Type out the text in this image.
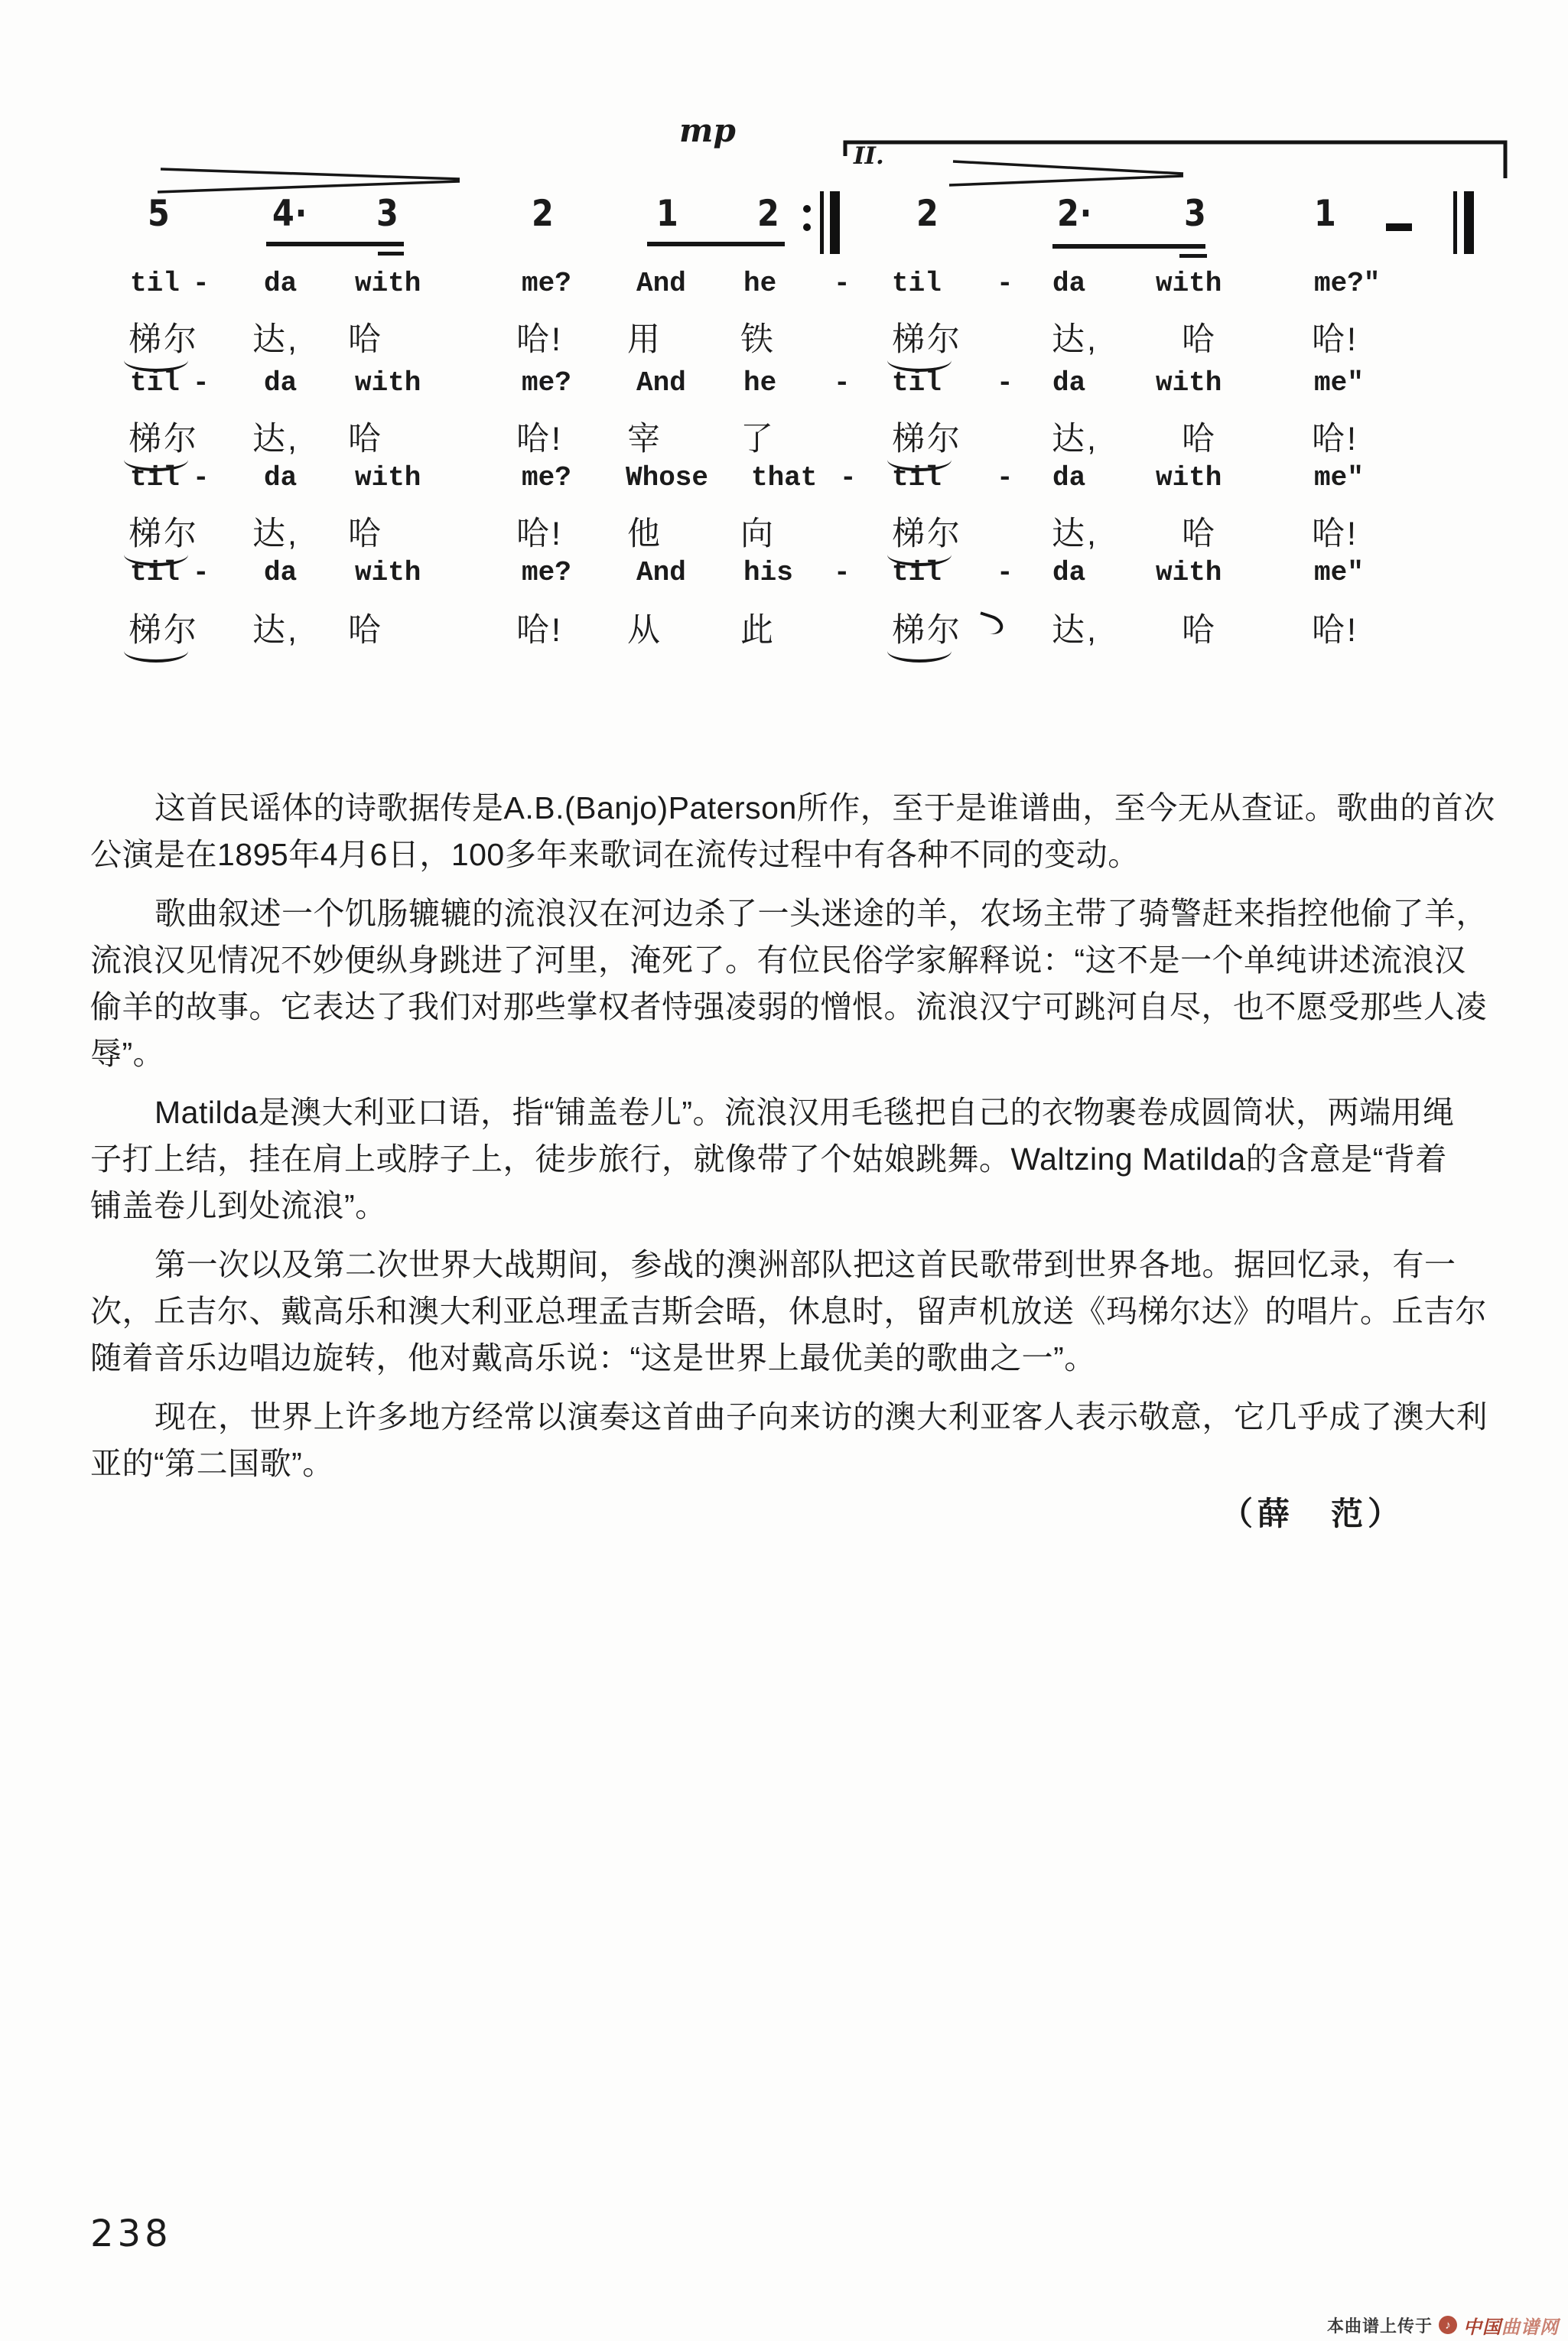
mp
II.
5	4· 3	2	1 2	2	2·	3	1
til - da with	me? And he - til - da	with	me?"
梯尔 达, 哈	哈! 用 铁	梯尔	达,	哈	哈!
til - da with	me? And he - til - da	with	me"
梯尔 达, 哈	哈! 宰 了	梯尔	达,	哈	哈!
til - da with	me? Whose that - til - da	with	me"
梯尔 达, 哈	哈! 他 向	梯尔	达,	哈	哈!
til - da with	me? And his - til - da	with	me"
梯尔 达, 哈	哈! 从 此	梯尔	达,	哈	哈!
这首民谣体的诗歌据传是A.B.(Banjo)Paterson所作，至于是谁谱曲，至今无从查证。歌曲的首次
公演是在1895年4月6日，100多年来歌词在流传过程中有各种不同的变动。
歌曲叙述一个饥肠辘辘的流浪汉在河边杀了一头迷途的羊，农场主带了骑警赶来指控他偷了羊，
流浪汉见情况不妙便纵身跳进了河里，淹死了。有位民俗学家解释说：“这不是一个单纯讲述流浪汉
偷羊的故事。它表达了我们对那些掌权者恃强凌弱的憎恨。流浪汉宁可跳河自尽，也不愿受那些人凌
辱”。
Matilda是澳大利亚口语，指“铺盖卷儿”。流浪汉用毛毯把自己的衣物裹卷成圆筒状，两端用绳
子打上结，挂在肩上或脖子上，徒步旅行，就像带了个姑娘跳舞。Waltzing Matilda的含意是“背着
铺盖卷儿到处流浪”。
第一次以及第二次世界大战期间，参战的澳洲部队把这首民歌带到世界各地。据回忆录，有一
次，丘吉尔、戴高乐和澳大利亚总理孟吉斯会晤，休息时，留声机放送《玛梯尔达》的唱片。丘吉尔
随着音乐边唱边旋转，他对戴高乐说：“这是世界上最优美的歌曲之一”。
现在，世界上许多地方经常以演奏这首曲子向来访的澳大利亚客人表示敬意，它几乎成了澳大利
亚的“第二国歌”。
（薛　范）
238
本曲谱上传于	♪ 中国曲谱网
